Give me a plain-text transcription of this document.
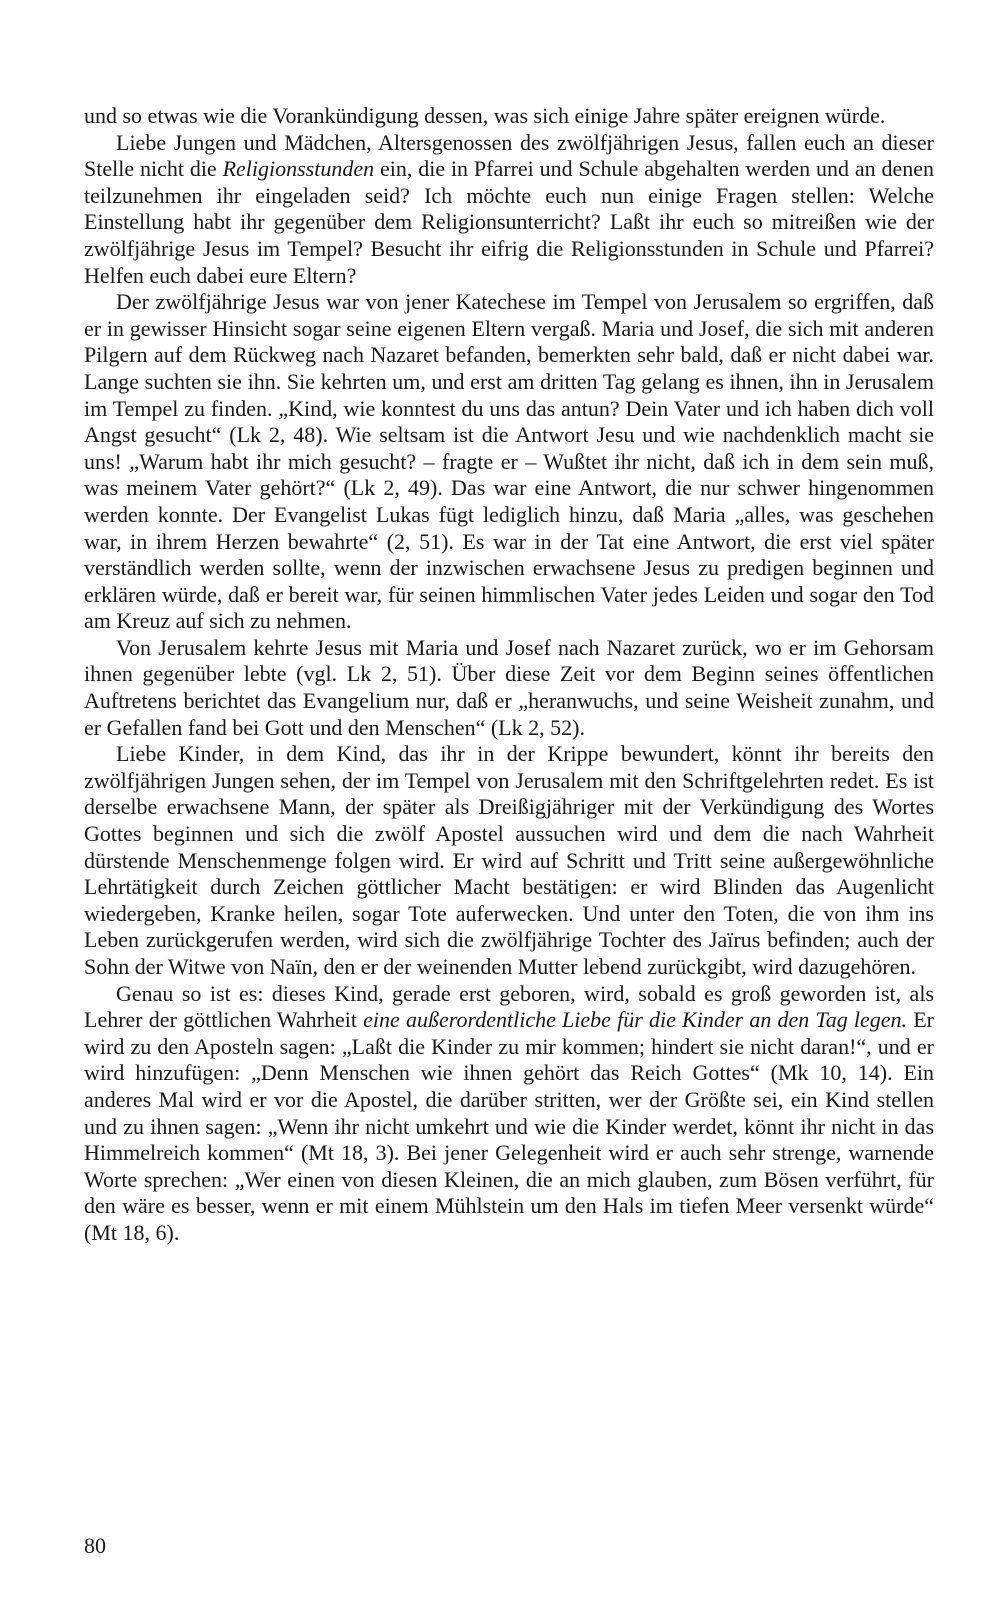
und so etwas wie die Vorankündigung dessen, was sich einige Jahre später ereignen würde.

Liebe Jungen und Mädchen, Altersgenossen des zwölfjährigen Jesus, fallen euch an dieser Stelle nicht die Religionsstunden ein, die in Pfarrei und Schule abgehalten werden und an denen teilzunehmen ihr eingeladen seid? Ich möchte euch nun einige Fragen stellen: Welche Einstellung habt ihr gegenüber dem Religionsunterricht? Laßt ihr euch so mitreißen wie der zwölfjährige Jesus im Tempel? Besucht ihr eifrig die Religionsstunden in Schule und Pfarrei? Helfen euch dabei eure Eltern?

Der zwölfjährige Jesus war von jener Katechese im Tempel von Jerusalem so ergriffen, daß er in gewisser Hinsicht sogar seine eigenen Eltern vergaß. Maria und Josef, die sich mit anderen Pilgern auf dem Rückweg nach Nazaret befanden, bemerkten sehr bald, daß er nicht dabei war. Lange suchten sie ihn. Sie kehrten um, und erst am dritten Tag gelang es ihnen, ihn in Jerusalem im Tempel zu finden. „Kind, wie konntest du uns das antun? Dein Vater und ich haben dich voll Angst gesucht“ (Lk 2, 48). Wie seltsam ist die Antwort Jesu und wie nachdenklich macht sie uns! „Warum habt ihr mich gesucht? – fragte er – Wußtet ihr nicht, daß ich in dem sein muß, was meinem Vater gehört?“ (Lk 2, 49). Das war eine Antwort, die nur schwer hingenommen werden konnte. Der Evangelist Lukas fügt lediglich hinzu, daß Maria „alles, was geschehen war, in ihrem Herzen bewahrte“ (2, 51). Es war in der Tat eine Antwort, die erst viel später verständlich werden sollte, wenn der inzwischen erwachsene Jesus zu predigen beginnen und erklären würde, daß er bereit war, für seinen himmlischen Vater jedes Leiden und sogar den Tod am Kreuz auf sich zu nehmen.

Von Jerusalem kehrte Jesus mit Maria und Josef nach Nazaret zurück, wo er im Gehorsam ihnen gegenüber lebte (vgl. Lk 2, 51). Über diese Zeit vor dem Beginn seines öffentlichen Auftretens berichtet das Evangelium nur, daß er „heranwuchs, und seine Weisheit zunahm, und er Gefallen fand bei Gott und den Menschen“ (Lk 2, 52).

Liebe Kinder, in dem Kind, das ihr in der Krippe bewundert, könnt ihr bereits den zwölfjährigen Jungen sehen, der im Tempel von Jerusalem mit den Schriftgelehrten redet. Es ist derselbe erwachsene Mann, der später als Dreißigjähriger mit der Verkündigung des Wortes Gottes beginnen und sich die zwölf Apostel aussuchen wird und dem die nach Wahrheit dürstende Menschenmenge folgen wird. Er wird auf Schritt und Tritt seine außergewöhnliche Lehrtätigkeit durch Zeichen göttlicher Macht bestätigen: er wird Blinden das Augenlicht wiedergeben, Kranke heilen, sogar Tote auferwecken. Und unter den Toten, die von ihm ins Leben zurückgerufen werden, wird sich die zwölfjährige Tochter des Jaïrus befinden; auch der Sohn der Witwe von Naïn, den er der weinenden Mutter lebend zurückgibt, wird dazugehören.

Genau so ist es: dieses Kind, gerade erst geboren, wird, sobald es groß geworden ist, als Lehrer der göttlichen Wahrheit eine außerordentliche Liebe für die Kinder an den Tag legen. Er wird zu den Aposteln sagen: „Laßt die Kinder zu mir kommen; hindert sie nicht daran!“, und er wird hinzufügen: „Denn Menschen wie ihnen gehört das Reich Gottes“ (Mk 10, 14). Ein anderes Mal wird er vor die Apostel, die darüber stritten, wer der Größte sei, ein Kind stellen und zu ihnen sagen: „Wenn ihr nicht umkehrt und wie die Kinder werdet, könnt ihr nicht in das Himmelreich kommen“ (Mt 18, 3). Bei jener Gelegenheit wird er auch sehr strenge, warnende Worte sprechen: „Wer einen von diesen Kleinen, die an mich glauben, zum Bösen verführt, für den wäre es besser, wenn er mit einem Mühlstein um den Hals im tiefen Meer versenkt würde“ (Mt 18, 6).

80
